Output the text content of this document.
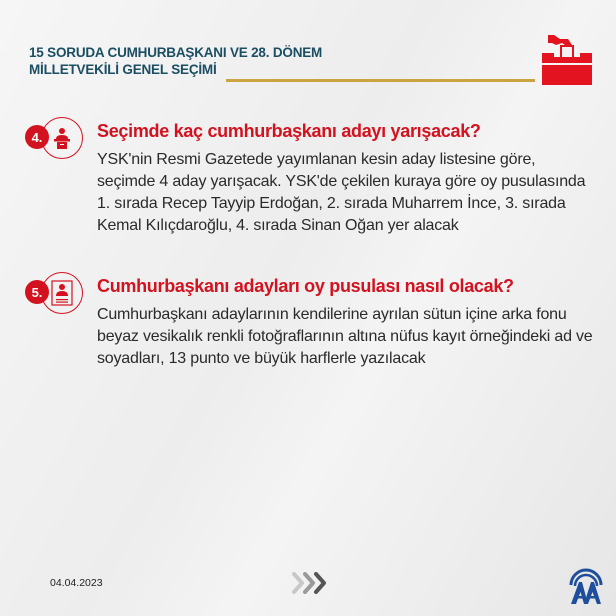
15 SORUDA CUMHURBAŞKANI VE 28. DÖNEM
MİLLETVEKİLİ GENEL SEÇİMİ
4.	Seçimde kaç cumhurbaşkanı adayı yarışacak?
YSK'nin Resmi Gazetede yayımlanan kesin aday listesine göre, seçimde 4 aday yarışacak. YSK'de çekilen kuraya göre oy pusulasında 1. sırada Recep Tayyip Erdoğan, 2. sırada Muharrem İnce, 3. sırada Kemal Kılıçdaroğlu, 4. sırada Sinan Oğan yer alacak
5.	Cumhurbaşkanı adayları oy pusulası nasıl olacak?
Cumhurbaşkanı adaylarının kendilerine ayrılan sütun içine arka fonu beyaz vesikalık renkli fotoğraflarının altına nüfus kayıt örneğindeki ad ve soyadları, 13 punto ve büyük harflerle yazılacak
04.04.2023
